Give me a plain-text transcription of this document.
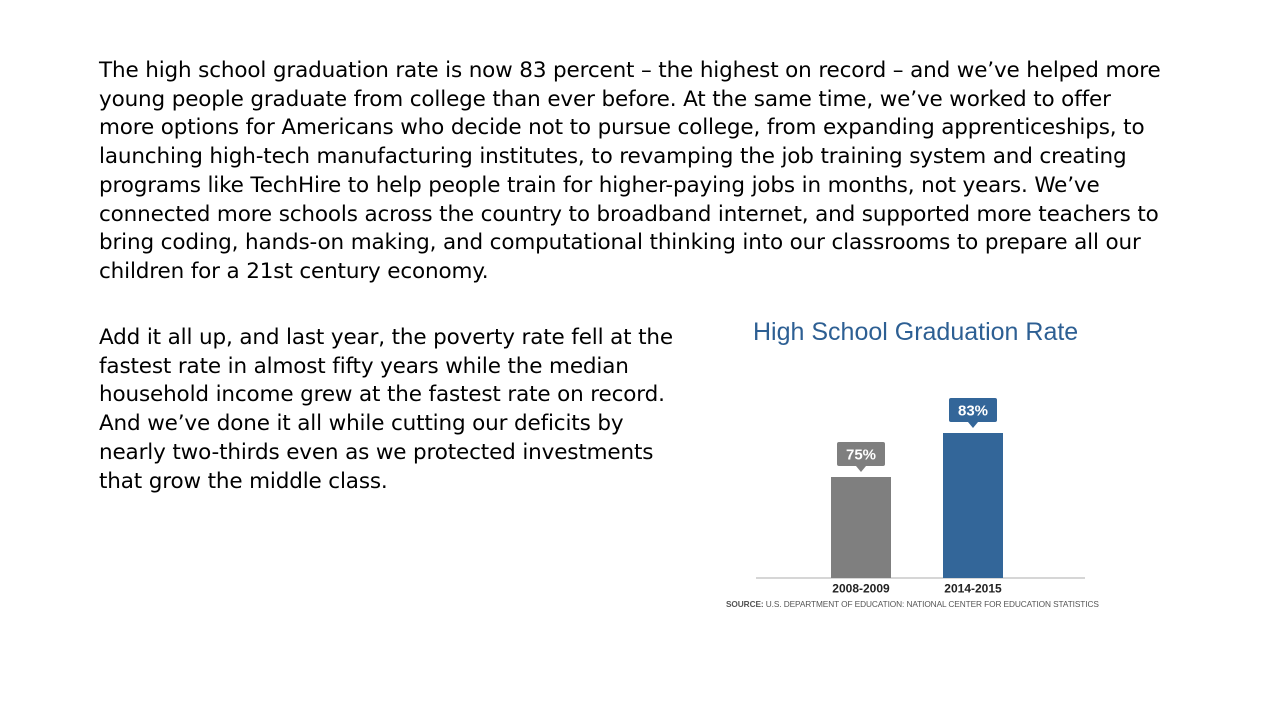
The high school graduation rate is now 83 percent – the highest on record – and we’ve helped more young people graduate from college than ever before. At the same time, we’ve worked to offer more options for Americans who decide not to pursue college, from expanding apprenticeships, to launching high-tech manufacturing institutes, to revamping the job training system and creating programs like TechHire to help people train for higher-paying jobs in months, not years. We’ve connected more schools across the country to broadband internet, and supported more teachers to bring coding, hands-on making, and computational thinking into our classrooms to prepare all our children for a 21st century economy.

Add it all up, and last year, the poverty rate fell at the fastest rate in almost fifty years while the median household income grew at the fastest rate on record. And we’ve done it all while cutting our deficits by nearly two-thirds even as we protected investments that grow the middle class.

75%
2008-2009
83%
2014-2015
High School Graduation Rate
SOURCE: U.S. DEPARTMENT OF EDUCATION: NATIONAL CENTER FOR EDUCATION STATISTICS
